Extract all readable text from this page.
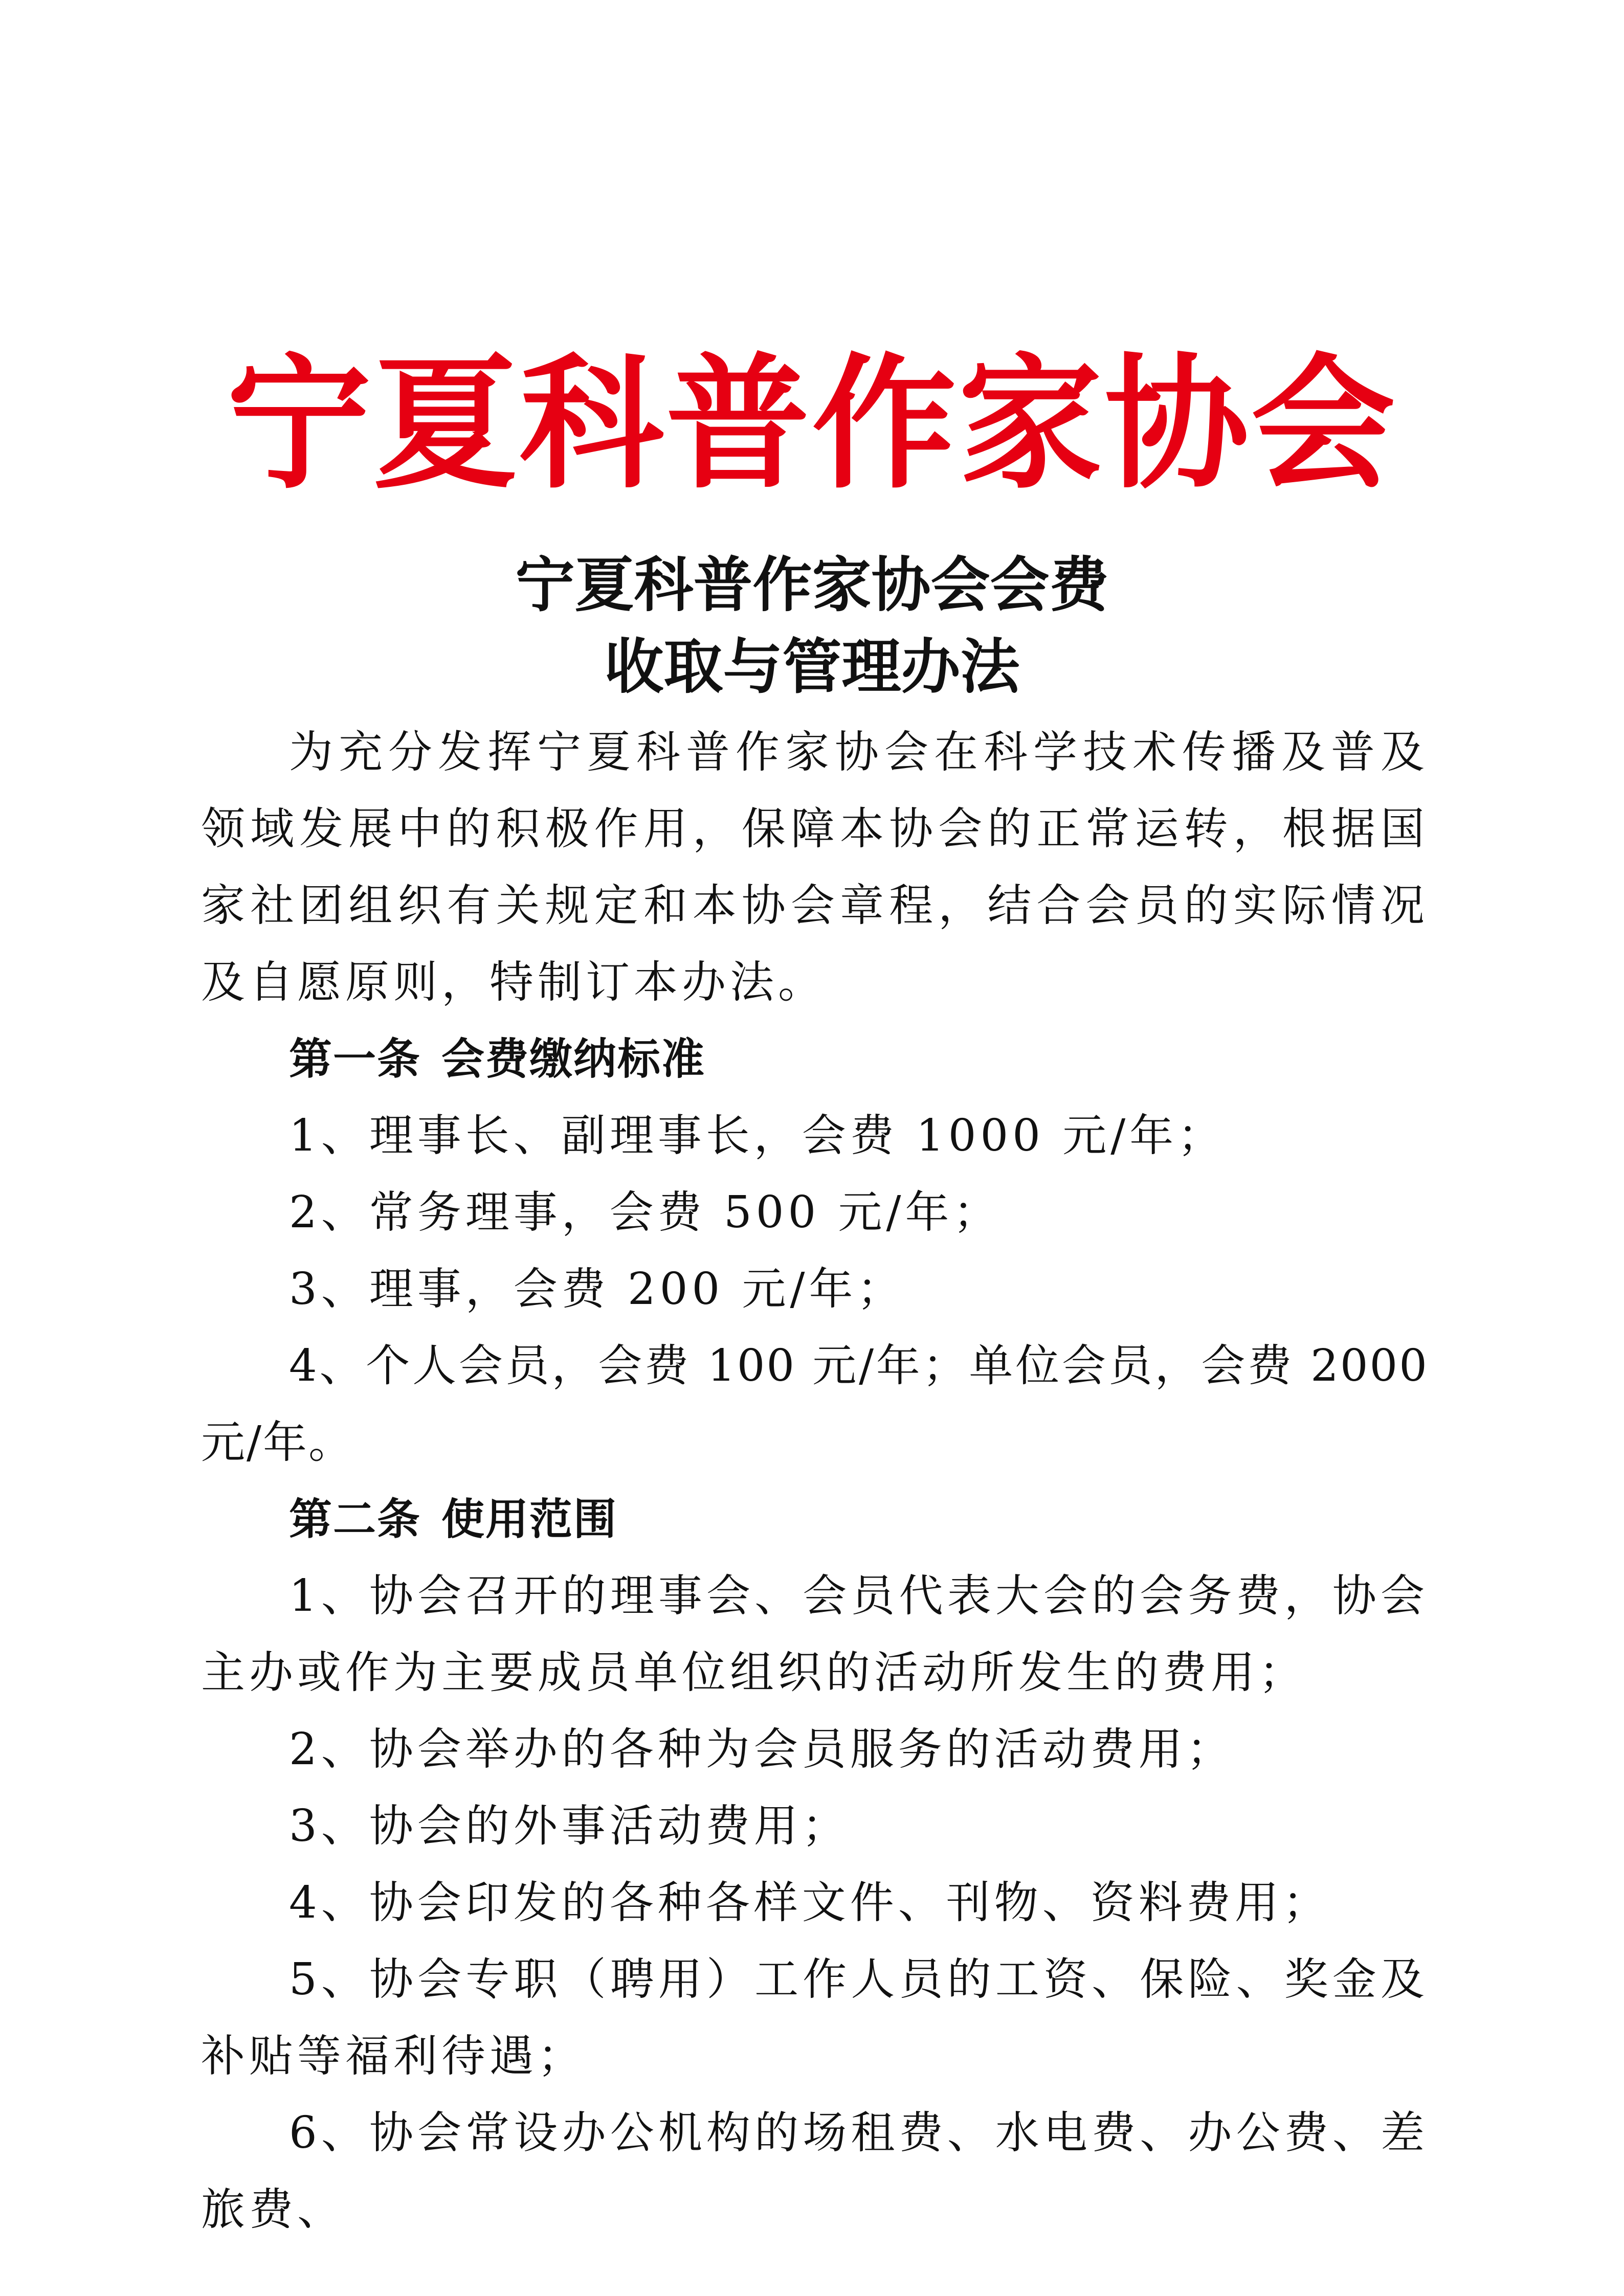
宁夏科普作家协会
宁夏科普作家协会会费
收取与管理办法

为充分发挥宁夏科普作家协会在科学技术传播及普及领域发展中的积极作用，保障本协会的正常运转，根据国家社团组织有关规定和本协会章程，结合会员的实际情况及自愿原则，特制订本办法。

第一条 会费缴纳标准

1、理事长、副理事长，会费 1000 元/年；

2、常务理事，会费 500 元/年；

3、理事，会费 200 元/年；

4、个人会员，会费 100 元/年；单位会员，会费 2000 元/年。

第二条 使用范围

1、协会召开的理事会、会员代表大会的会务费，协会主办或作为主要成员单位组织的活动所发生的费用；

2、协会举办的各种为会员服务的活动费用；

3、协会的外事活动费用；

4、协会印发的各种各样文件、刊物、资料费用；

5、协会专职（聘用）工作人员的工资、保险、奖金及补贴等福利待遇；

6、协会常设办公机构的场租费、水电费、办公费、差旅费、
